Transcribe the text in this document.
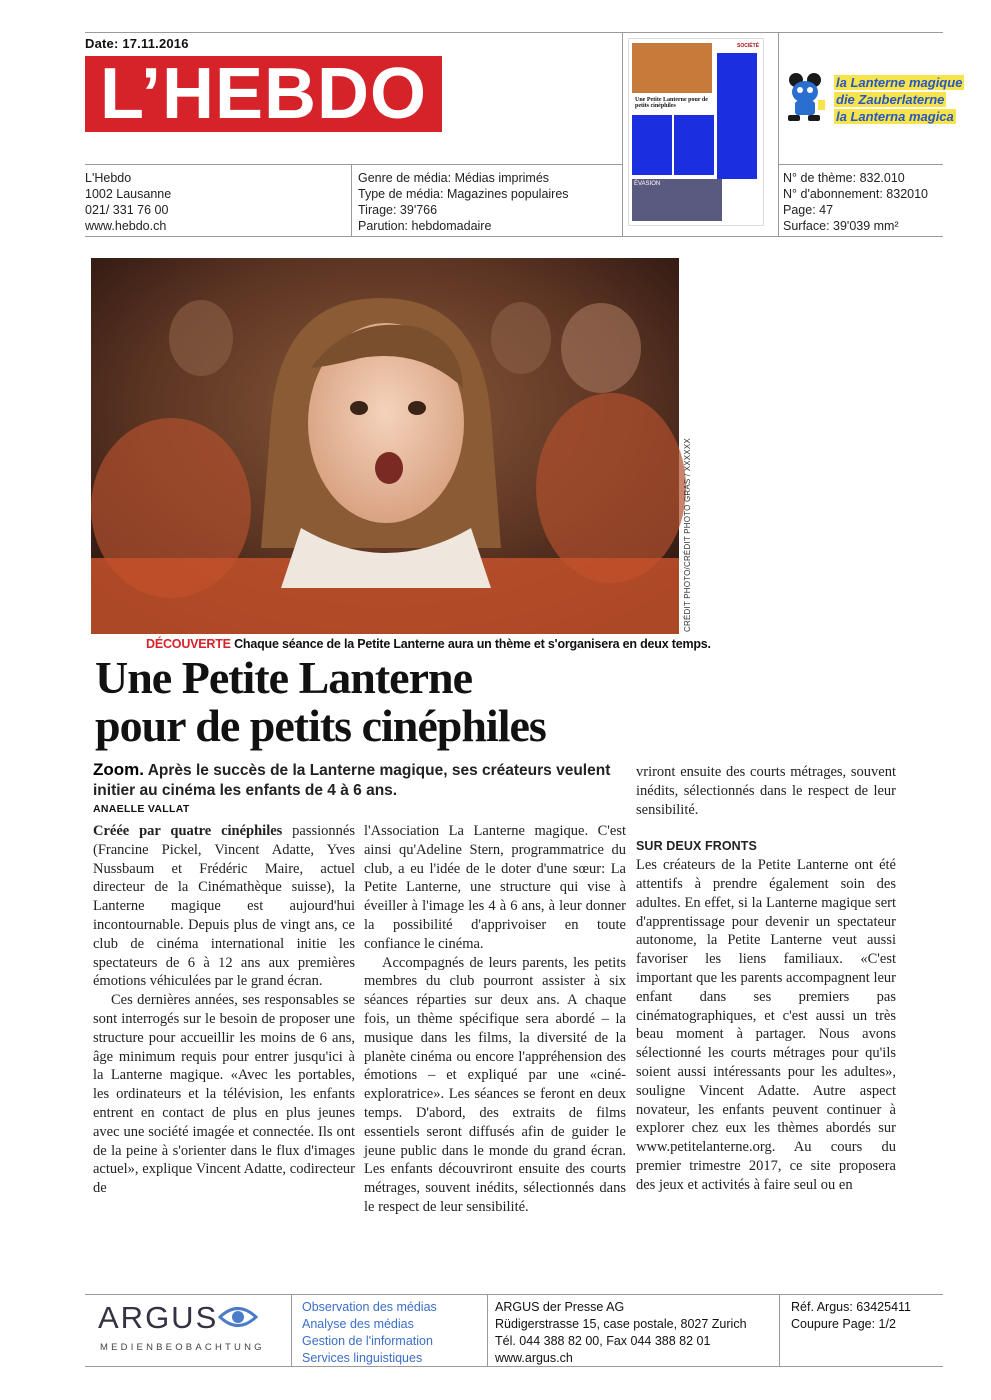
Date: 17.11.2016
L’HEBDO
L'Hebdo
1002 Lausanne
021/ 331 76 00
www.hebdo.ch
Genre de média: Médias imprimés
Type de média: Magazines populaires
Tirage: 39'766
Parution: hebdomadaire
N° de thème: 832.010
N° d'abonnement: 832010
Page: 47
Surface: 39'039 mm²
SOCIÉTÉ
Une Petite Lanterne pour de petits cinéphiles
ÉVASION
la Lanterne magique
die Zauberlaterne
la Lanterna magica
CRÉDIT PHOTO/CRÉDIT PHOTO GRAS / XXXXXX
DÉCOUVERTE Chaque séance de la Petite Lanterne aura un thème et s'organisera en deux temps.
Une Petite Lanterne
pour de petits cinéphiles
Zoom. Après le succès de la Lanterne magique, ses créateurs veulent initier au cinéma les enfants de 4 à 6 ans.
ANAELLE VALLAT

Créée par quatre cinéphiles passionnés (Francine Pickel, Vincent Adatte, Yves Nussbaum et Frédéric Maire, actuel directeur de la Cinémathèque suisse), la Lanterne magique est aujourd'hui incontournable. Depuis plus de vingt ans, ce club de cinéma international initie les spectateurs de 6 à 12 ans aux premières émotions véhiculées par le grand écran.

Ces dernières années, ses responsables se sont interrogés sur le besoin de proposer une structure pour accueillir les moins de 6 ans, âge minimum requis pour entrer jusqu'ici à la Lanterne magique. «Avec les portables, les ordinateurs et la télévision, les enfants entrent en contact de plus en plus jeunes avec une société imagée et connectée. Ils ont de la peine à s'orienter dans le flux d'images actuel», explique Vincent Adatte, codirecteur de

l'Association La Lanterne magique. C'est ainsi qu'Adeline Stern, programmatrice du club, a eu l'idée de le doter d'une sœur: La Petite Lanterne, une structure qui vise à éveiller à l'image les 4 à 6 ans, à leur donner la possibilité d'apprivoiser en toute confiance le cinéma.

Accompagnés de leurs parents, les petits membres du club pourront assister à six séances réparties sur deux ans. A chaque fois, un thème spécifique sera abordé – la musique dans les films, la diversité de la planète cinéma ou encore l'appréhension des émotions – et expliqué par une «ciné-exploratrice». Les séances se feront en deux temps. D'abord, des extraits de films essentiels seront diffusés afin de guider le jeune public dans le monde du grand écran. Les enfants découvriront ensuite des courts métrages, souvent inédits, sélectionnés dans le respect de leur sensibilité.

vriront ensuite des courts métrages, souvent inédits, sélectionnés dans le respect de leur sensibilité.

SUR DEUX FRONTS

Les créateurs de la Petite Lanterne ont été attentifs à prendre également soin des adultes. En effet, si la Lanterne magique sert d'apprentissage pour devenir un spectateur autonome, la Petite Lanterne veut aussi favoriser les liens familiaux. «C'est important que les parents accompagnent leur enfant dans ses premiers pas cinématographiques, et c'est aussi un très beau moment à partager. Nous avons sélectionné les courts métrages pour qu'ils soient aussi intéressants pour les adultes», souligne Vincent Adatte. Autre aspect novateur, les enfants peuvent continuer à explorer chez eux les thèmes abordés sur www.petitelanterne.org. Au cours du premier trimestre 2017, ce site proposera des jeux et activités à faire seul ou en

ARGUS
MEDIENBEOBACHTUNG
Observation des médias
Analyse des médias
Gestion de l'information
Services linguistiques
ARGUS der Presse AG
Rüdigerstrasse 15, case postale, 8027 Zurich
Tél. 044 388 82 00, Fax 044 388 82 01
www.argus.ch
Réf. Argus: 63425411
Coupure Page: 1/2
